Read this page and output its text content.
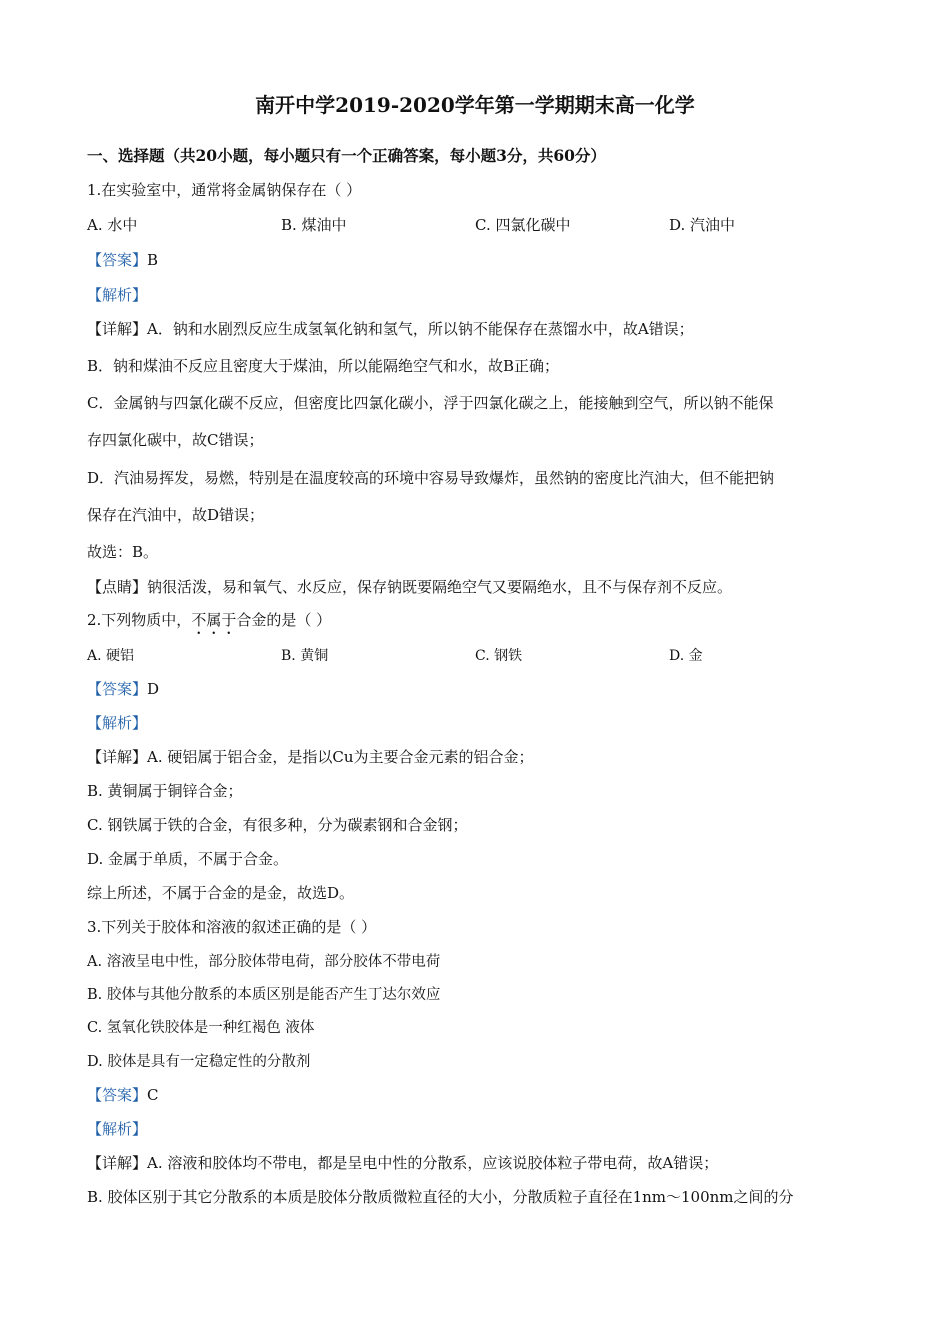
南开中学2019-2020学年第一学期期末高一化学
一、选择题（共20小题，每小题只有一个正确答案，每小题3分，共60分）
1.在实验室中，通常将金属钠保存在（ ）
A. 水中	B. 煤油中	C. 四氯化碳中	D. 汽油中
【答案】B
【解析】
【详解】A．钠和水剧烈反应生成氢氧化钠和氢气，所以钠不能保存在蒸馏水中，故A错误；
B．钠和煤油不反应且密度大于煤油，所以能隔绝空气和水，故B正确；
C．金属钠与四氯化碳不反应，但密度比四氯化碳小，浮于四氯化碳之上，能接触到空气，所以钠不能保
存四氯化碳中，故C错误；
D．汽油易挥发，易燃，特别是在温度较高的环境中容易导致爆炸，虽然钠的密度比汽油大，但不能把钠
保存在汽油中，故D错误；
故选：B。
【点睛】钠很活泼，易和氧气、水反应，保存钠既要隔绝空气又要隔绝水，且不与保存剂不反应。
2.下列物质中，不属于合金的是（ ）
A. 硬铝	B. 黄铜	C. 钢铁	D. 金
【答案】D
【解析】
【详解】A. 硬铝属于铝合金，是指以Cu为主要合金元素的铝合金；
B. 黄铜属于铜锌合金；
C. 钢铁属于铁的合金，有很多种，分为碳素钢和合金钢；
D. 金属于单质，不属于合金。
综上所述，不属于合金的是金，故选D。
3.下列关于胶体和溶液的叙述正确的是（ ）
A. 溶液呈电中性，部分胶体带电荷，部分胶体不带电荷
B. 胶体与其他分散系的本质区别是能否产生丁达尔效应
C. 氢氧化铁胶体是一种红褐色 液体
D. 胶体是具有一定稳定性的分散剂
【答案】C
【解析】
【详解】A. 溶液和胶体均不带电，都是呈电中性的分散系，应该说胶体粒子带电荷，故A错误；
B. 胶体区别于其它分散系的本质是胶体分散质微粒直径的大小，分散质粒子直径在1nm～100nm之间的分
